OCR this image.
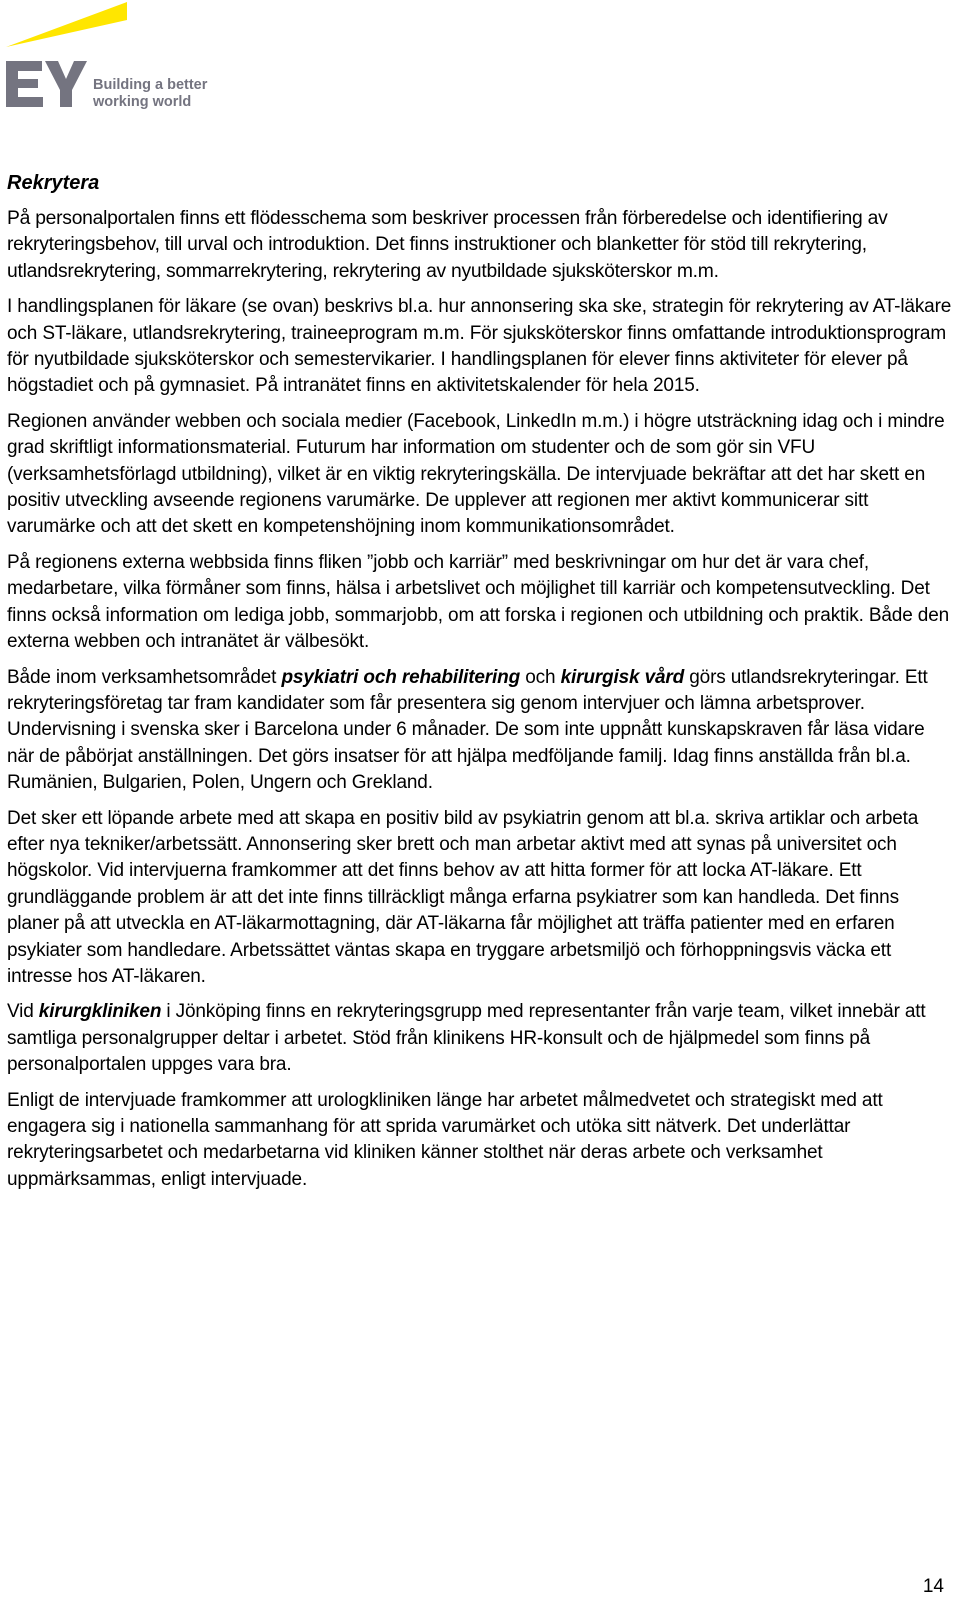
Building a better
working world
Rekrytera

På personalportalen finns ett flödesschema som beskriver processen från förberedelse och identifiering av rekryteringsbehov, till urval och introduktion. Det finns instruktioner och blanketter för stöd till rekrytering, utlandsrekrytering, sommarrekrytering, rekrytering av nyutbildade sjuksköterskor m.m.

I handlingsplanen för läkare (se ovan) beskrivs bl.a. hur annonsering ska ske, strategin för rekrytering av AT-läkare och ST-läkare, utlandsrekrytering, traineeprogram m.m. För sjuksköterskor finns omfattande introduktionsprogram för nyutbildade sjuksköterskor och semestervikarier. I handlingsplanen för elever finns aktiviteter för elever på högstadiet och på gymnasiet. På intranätet finns en aktivitetskalender för hela 2015.

Regionen använder webben och sociala medier (Facebook, LinkedIn m.m.) i högre utsträckning idag och i mindre grad skriftligt informationsmaterial. Futurum har information om studenter och de som gör sin VFU (verksamhetsförlagd utbildning), vilket är en viktig rekryteringskälla. De intervjuade bekräftar att det har skett en positiv utveckling avseende regionens varumärke. De upplever att regionen mer aktivt kommunicerar sitt varumärke och att det skett en kompetenshöjning inom kommunikationsområdet.

På regionens externa webbsida finns fliken ”jobb och karriär” med beskrivningar om hur det är vara chef, medarbetare, vilka förmåner som finns, hälsa i arbetslivet och möjlighet till karriär och kompetensutveckling. Det finns också information om lediga jobb, sommarjobb, om att forska i regionen och utbildning och praktik. Både den externa webben och intranätet är välbesökt.

Både inom verksamhetsområdet psykiatri och rehabilitering och kirurgisk vård görs utlandsrekryteringar. Ett rekryteringsföretag tar fram kandidater som får presentera sig genom intervjuer och lämna arbetsprover. Undervisning i svenska sker i Barcelona under 6 månader. De som inte uppnått kunskapskraven får läsa vidare när de påbörjat anställningen. Det görs insatser för att hjälpa medföljande familj. Idag finns anställda från bl.a. Rumänien, Bulgarien, Polen, Ungern och Grekland.

Det sker ett löpande arbete med att skapa en positiv bild av psykiatrin genom att bl.a. skriva artiklar och arbeta efter nya tekniker/arbetssätt. Annonsering sker brett och man arbetar aktivt med att synas på universitet och högskolor. Vid intervjuerna framkommer att det finns behov av att hitta former för att locka AT-läkare. Ett grundläggande problem är att det inte finns tillräckligt många erfarna psykiatrer som kan handleda. Det finns planer på att utveckla en AT-läkarmottagning, där AT-läkarna får möjlighet att träffa patienter med en erfaren psykiater som handledare. Arbetssättet väntas skapa en tryggare arbetsmiljö och förhoppningsvis väcka ett intresse hos AT-läkaren.

Vid kirurgkliniken i Jönköping finns en rekryteringsgrupp med representanter från varje team, vilket innebär att samtliga personalgrupper deltar i arbetet. Stöd från klinikens HR-konsult och de hjälpmedel som finns på personalportalen uppges vara bra.

Enligt de intervjuade framkommer att urologkliniken länge har arbetet målmedvetet och strategiskt med att engagera sig i nationella sammanhang för att sprida varumärket och utöka sitt nätverk. Det underlättar rekryteringsarbetet och medarbetarna vid kliniken känner stolthet när deras arbete och verksamhet uppmärksammas, enligt intervjuade.

14
